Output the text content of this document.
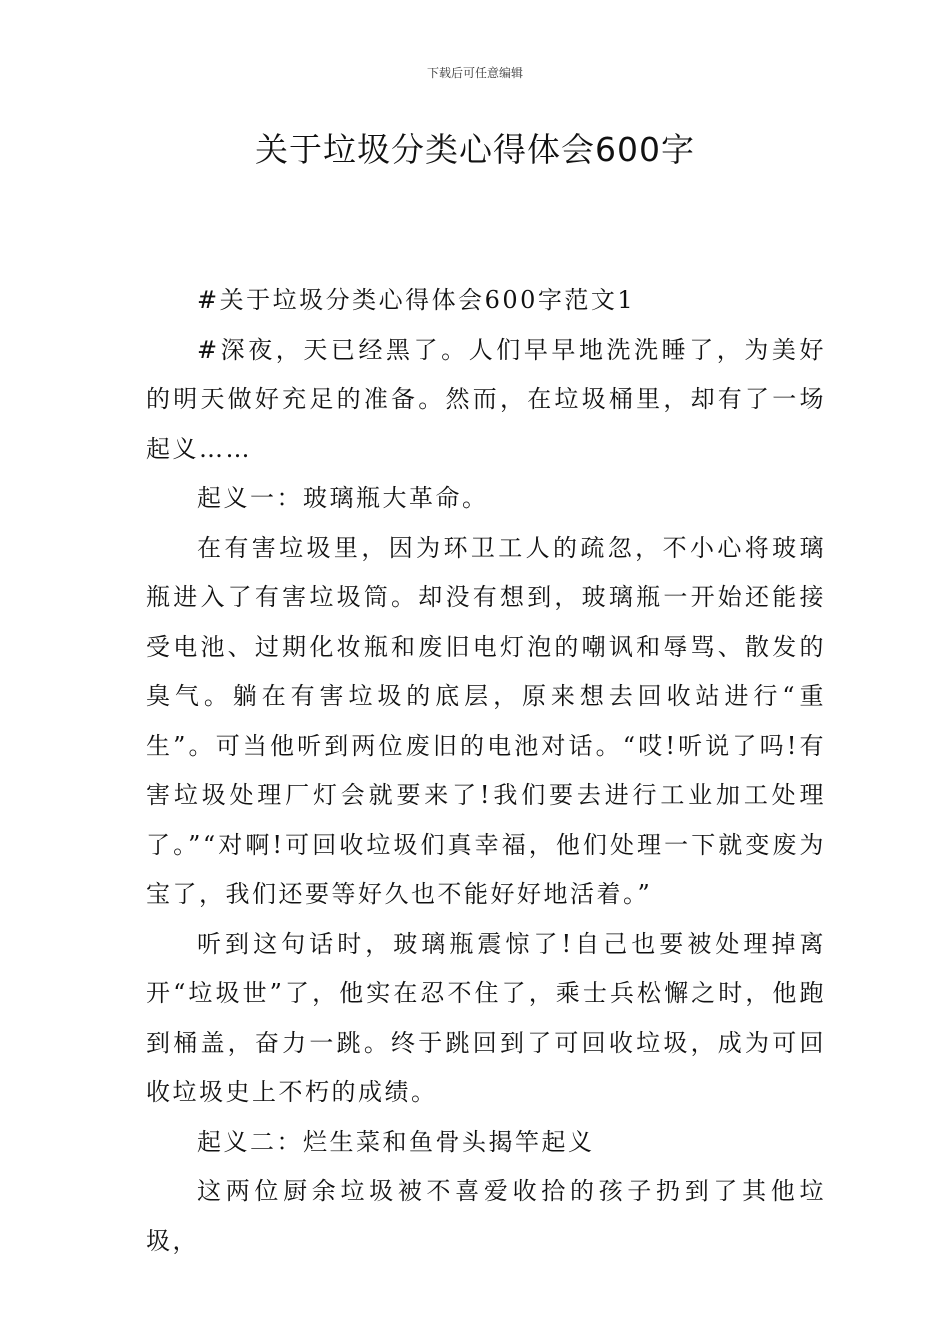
下载后可任意编辑
关于垃圾分类心得体会600字

#关于垃圾分类心得体会600字范文1

#深夜，天已经黑了。人们早早地洗洗睡了，为美好的明天做好充足的准备。然而，在垃圾桶里，却有了一场起义……

起义一：玻璃瓶大革命。

在有害垃圾里，因为环卫工人的疏忽，不小心将玻璃瓶进入了有害垃圾筒。却没有想到，玻璃瓶一开始还能接受电池、过期化妆瓶和废旧电灯泡的嘲讽和辱骂、散发的臭气。躺在有害垃圾的底层，原来想去回收站进行“重生”。可当他听到两位废旧的电池对话。“哎!听说了吗!有害垃圾处理厂灯会就要来了!我们要去进行工业加工处理了。”“对啊!可回收垃圾们真幸福，他们处理一下就变废为宝了，我们还要等好久也不能好好地活着。”

听到这句话时，玻璃瓶震惊了!自己也要被处理掉离开“垃圾世”了，他实在忍不住了，乘士兵松懈之时，他跑到桶盖，奋力一跳。终于跳回到了可回收垃圾，成为可回收垃圾史上不朽的成绩。

起义二：烂生菜和鱼骨头揭竿起义

这两位厨余垃圾被不喜爱收拾的孩子扔到了其他垃圾，
